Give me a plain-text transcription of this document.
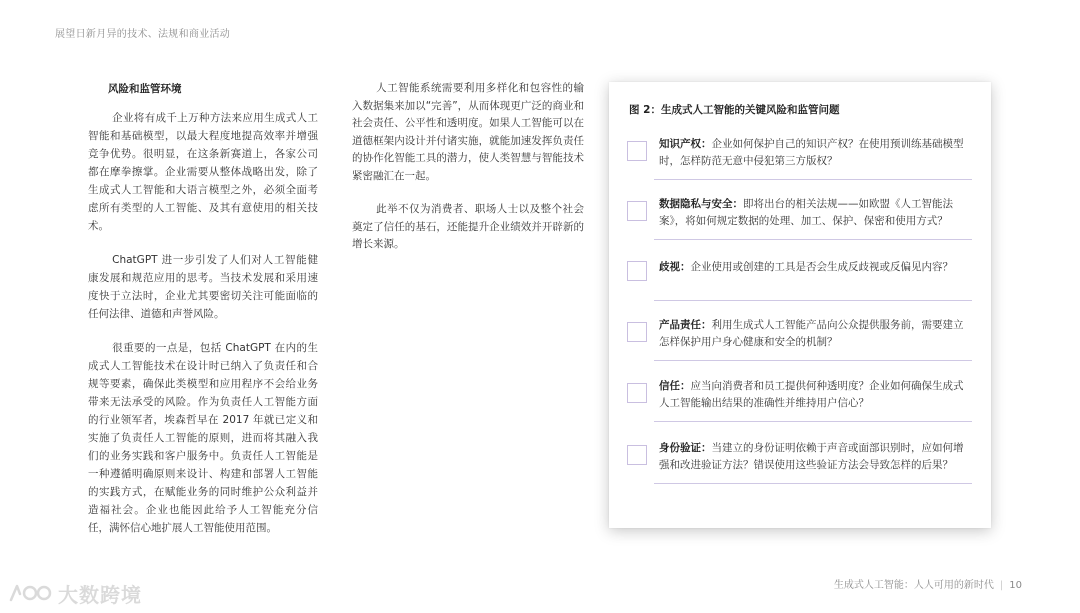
展望日新月异的技术、法规和商业活动
风险和监管环境

企业将有成千上万种方法来应用生成式人工智能和基础模型，以最大程度地提高效率并增强竞争优势。很明显，在这条新赛道上，各家公司都在摩拳擦掌。企业需要从整体战略出发，除了生成式人工智能和大语言模型之外，必须全面考虑所有类型的人工智能、及其有意使用的相关技术。

ChatGPT 进一步引发了人们对人工智能健康发展和规范应用的思考。当技术发展和采用速度快于立法时，企业尤其要密切关注可能面临的任何法律、道德和声誉风险。

很重要的一点是，包括 ChatGPT 在内的生成式人工智能技术在设计时已纳入了负责任和合规等要素，确保此类模型和应用程序不会给业务带来无法承受的风险。作为负责任人工智能方面的行业领军者，埃森哲早在 2017 年就已定义和实施了负责任人工智能的原则，进而将其融入我们的业务实践和客户服务中。负责任人工智能是一种遵循明确原则来设计、构建和部署人工智能的实践方式，在赋能业务的同时维护公众利益并造福社会。企业也能因此给予人工智能充分信任，满怀信心地扩展人工智能使用范围。

人工智能系统需要利用多样化和包容性的输入数据集来加以“完善”，从而体现更广泛的商业和社会责任、公平性和透明度。如果人工智能可以在道德框架内设计并付诸实施，就能加速发挥负责任的协作化智能工具的潜力，使人类智慧与智能技术紧密融汇在一起。

此举不仅为消费者、职场人士以及整个社会奠定了信任的基石，还能提升企业绩效并开辟新的增长来源。

图 2：生成式人工智能的关键风险和监管问题
知识产权：企业如何保护自己的知识产权？在使用预训练基础模型时，怎样防范无意中侵犯第三方版权？
数据隐私与安全：即将出台的相关法规——如欧盟《人工智能法案》，将如何规定数据的处理、加工、保护、保密和使用方式？
歧视：企业使用或创建的工具是否会生成反歧视或反偏见内容？
产品责任：利用生成式人工智能产品向公众提供服务前，需要建立怎样保护用户身心健康和安全的机制？
信任：应当向消费者和员工提供何种透明度？企业如何确保生成式人工智能输出结果的准确性并维持用户信心？
身份验证：当建立的身份证明依赖于声音或面部识别时，应如何增强和改进验证方法？错误使用这些验证方法会导致怎样的后果？
生成式人工智能：人人可用的新时代 | 10
大数跨境
